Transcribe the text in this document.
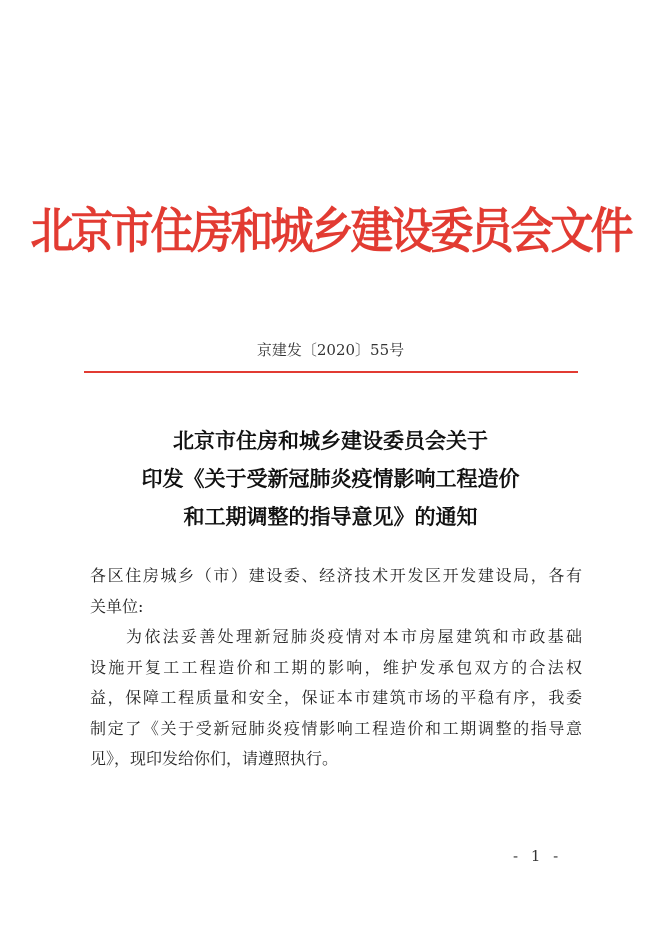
北京市住房和城乡建设委员会文件
京建发〔2020〕55号
北京市住房和城乡建设委员会关于
印发《关于受新冠肺炎疫情影响工程造价
和工期调整的指导意见》的通知
各区住房城乡（市）建设委、经济技术开发区开发建设局，各有
关单位:
为依法妥善处理新冠肺炎疫情对本市房屋建筑和市政基础
设施开复工工程造价和工期的影响，维护发承包双方的合法权
益，保障工程质量和安全，保证本市建筑市场的平稳有序，我委
制定了《关于受新冠肺炎疫情影响工程造价和工期调整的指导意
见》，现印发给你们，请遵照执行。
- 1 -
